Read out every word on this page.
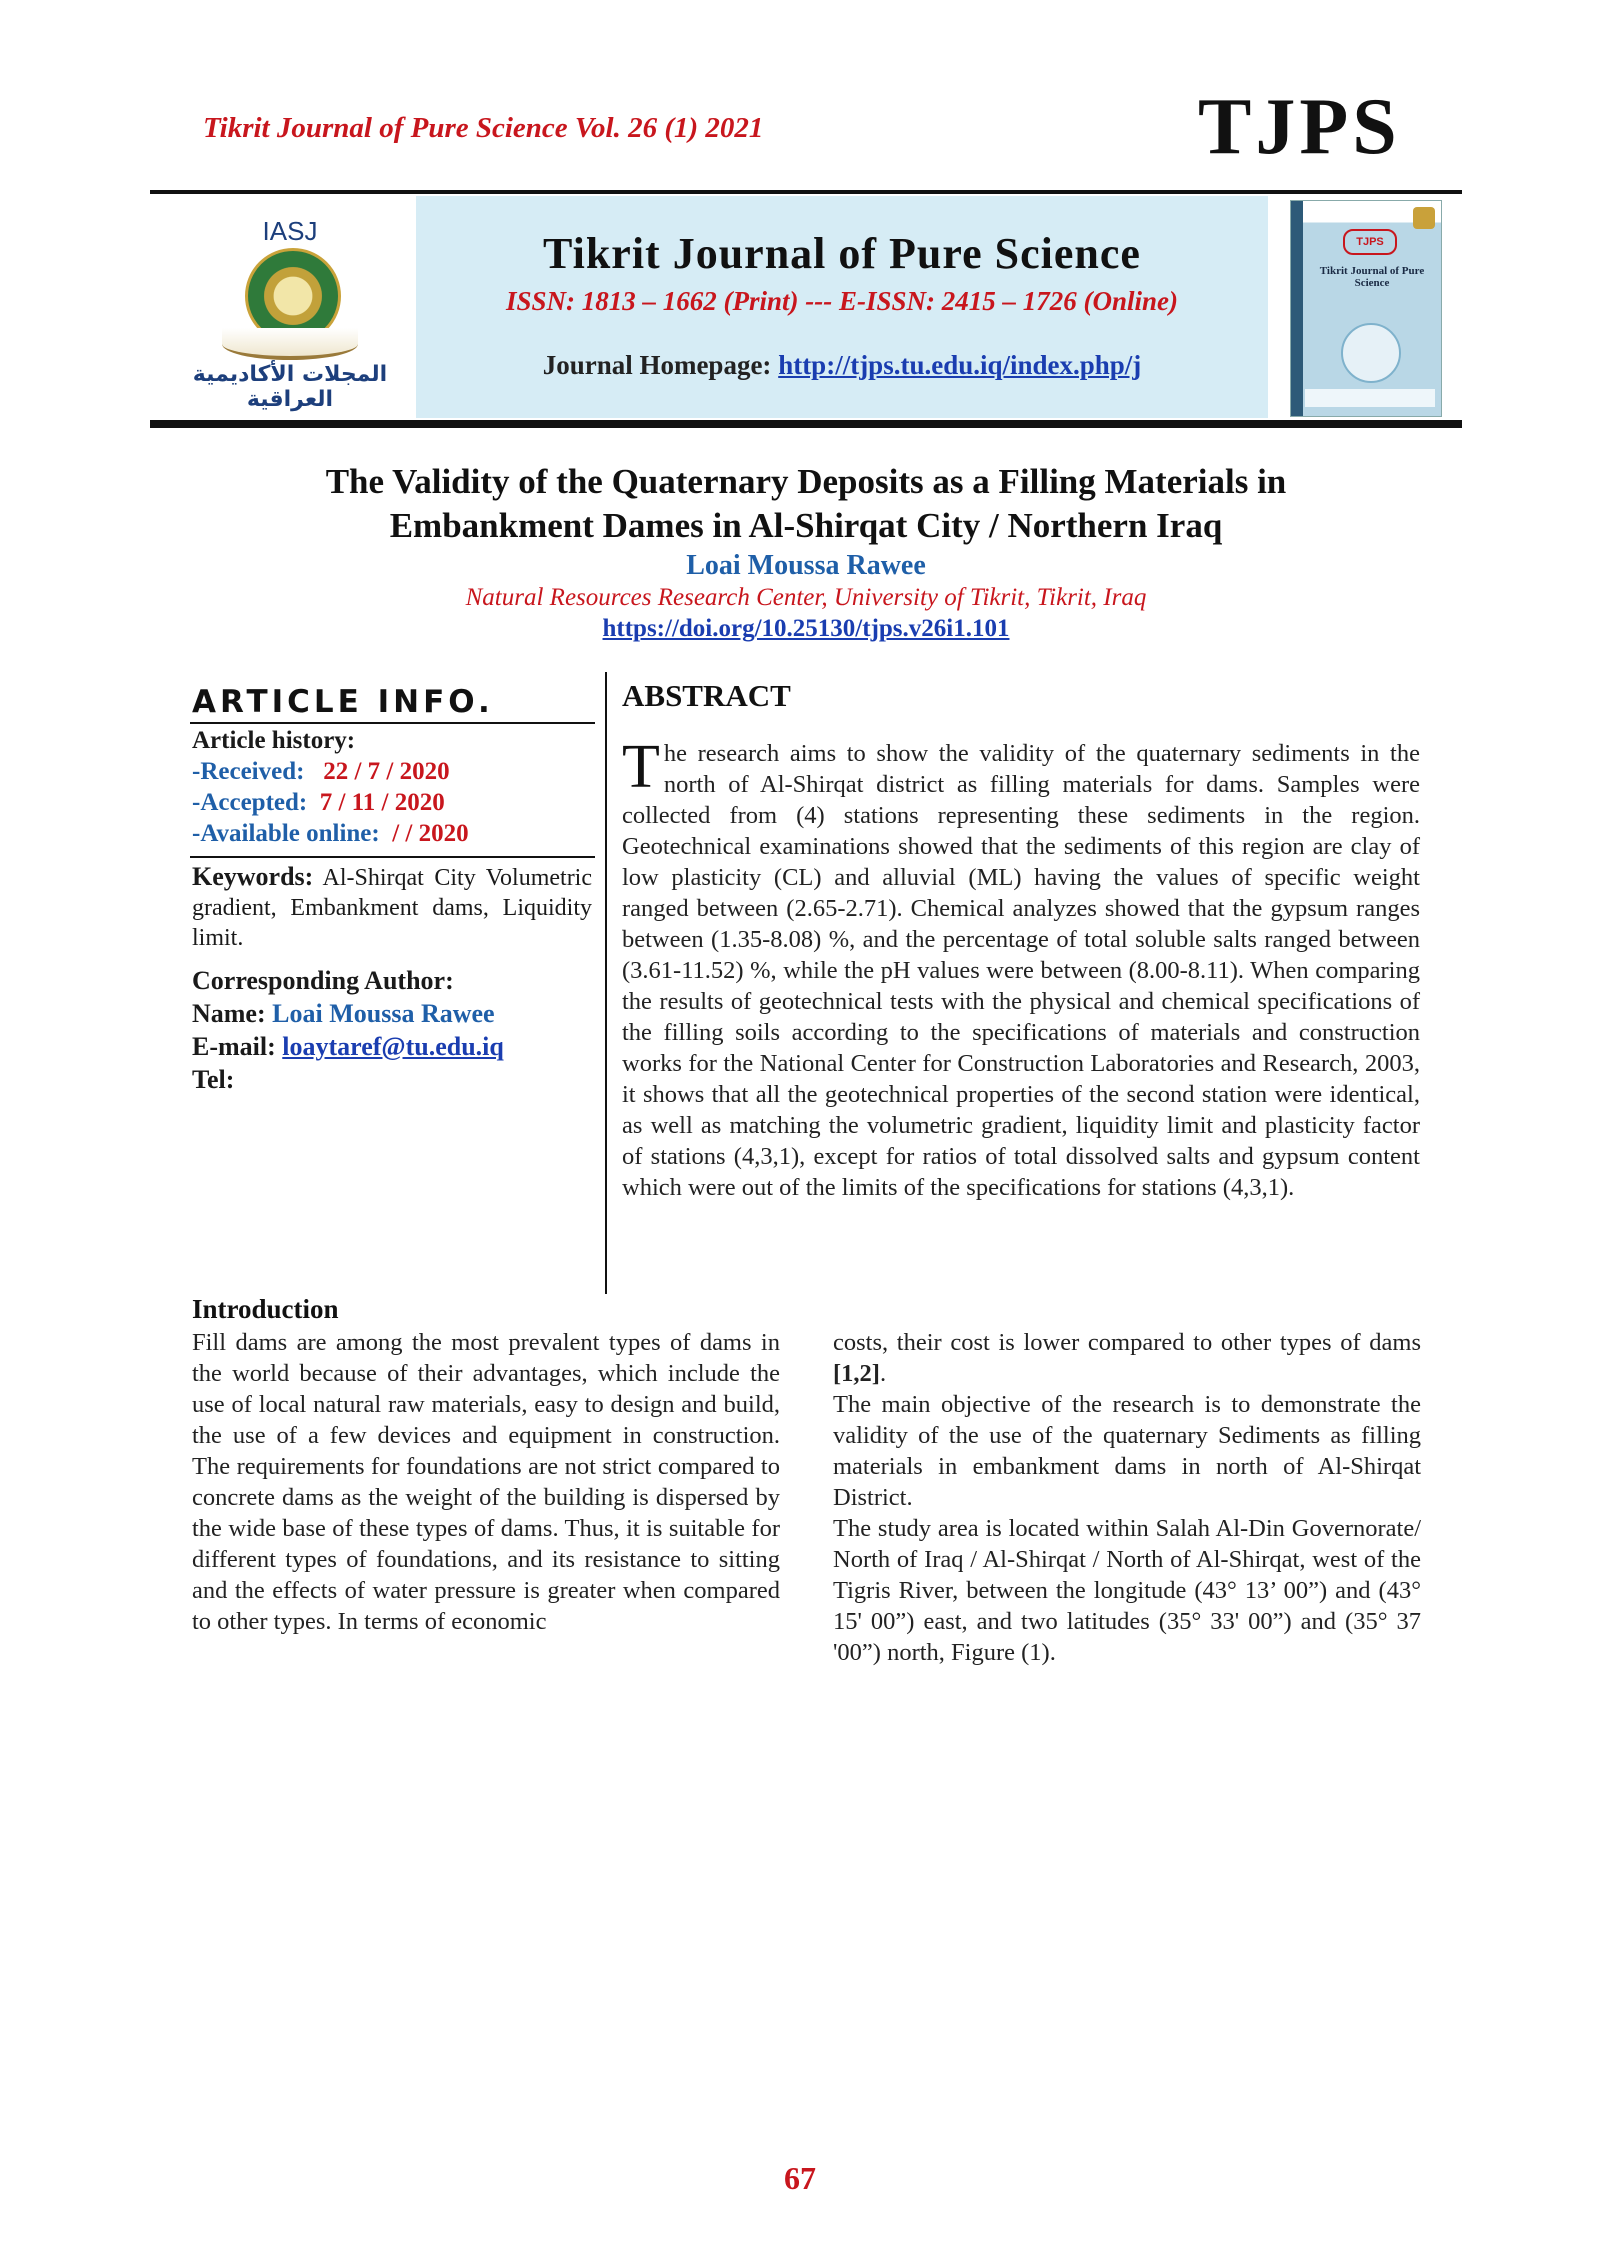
Tikrit Journal of Pure Science Vol. 26 (1) 2021	TJPS
IASJ
المجلات الأكاديمية العراقية
Tikrit Journal of Pure Science
ISSN: 1813 – 1662 (Print) --- E-ISSN: 2415 – 1726 (Online)
Journal Homepage: http://tjps.tu.edu.iq/index.php/j
TJPS
Tikrit Journal of Pure Science
The Validity of the Quaternary Deposits as a Filling Materials in
Embankment Dames in Al-Shirqat City / Northern Iraq
Loai Moussa Rawee
Natural Resources Research Center, University of Tikrit, Tikrit, Iraq
https://doi.org/10.25130/tjps.v26i1.101
ARTICLE INFO.
Article history:
-Received: 22 / 7 / 2020
-Accepted: 7 / 11 / 2020
-Available online: / / 2020
Keywords: Al-Shirqat City Volumetric gradient, Embankment dams, Liquidity limit.
Corresponding Author:
Name: Loai Moussa Rawee
E-mail: loaytaref@tu.edu.iq
Tel:
ABSTRACT
The research aims to show the validity of the quaternary sediments in the north of Al-Shirqat district as filling materials for dams. Samples were collected from (4) stations representing these sediments in the region. Geotechnical examinations showed that the sediments of this region are clay of low plasticity (CL) and alluvial (ML) having the values of specific weight ranged between (2.65-2.71). Chemical analyzes showed that the gypsum ranges between (1.35-8.08) %, and the percentage of total soluble salts ranged between (3.61-11.52) %, while the pH values were between (8.00-8.11). When comparing the results of geotechnical tests with the physical and chemical specifications of the filling soils according to the specifications of materials and construction works for the National Center for Construction Laboratories and Research, 2003, it shows that all the geotechnical properties of the second station were identical, as well as matching the volumetric gradient, liquidity limit and plasticity factor of stations (4,3,1), except for ratios of total dissolved salts and gypsum content which were out of the limits of the specifications for stations (4,3,1).
Introduction

Fill dams are among the most prevalent types of dams in the world because of their advantages, which include the use of local natural raw materials, easy to design and build, the use of a few devices and equipment in construction. The requirements for foundations are not strict compared to concrete dams as the weight of the building is dispersed by the wide base of these types of dams. Thus, it is suitable for different types of foundations, and its resistance to sitting and the effects of water pressure is greater when compared to other types. In terms of economic

costs, their cost is lower compared to other types of dams [1,2].

The main objective of the research is to demonstrate the validity of the use of the quaternary Sediments as filling materials in embankment dams in north of Al-Shirqat District.

The study area is located within Salah Al-Din Governorate/ North of Iraq / Al-Shirqat / North of Al-Shirqat, west of the Tigris River, between the longitude (43° 13’ 00”) and (43° 15' 00”) east, and two latitudes (35° 33' 00”) and (35° 37 '00”) north, Figure (1).

67
